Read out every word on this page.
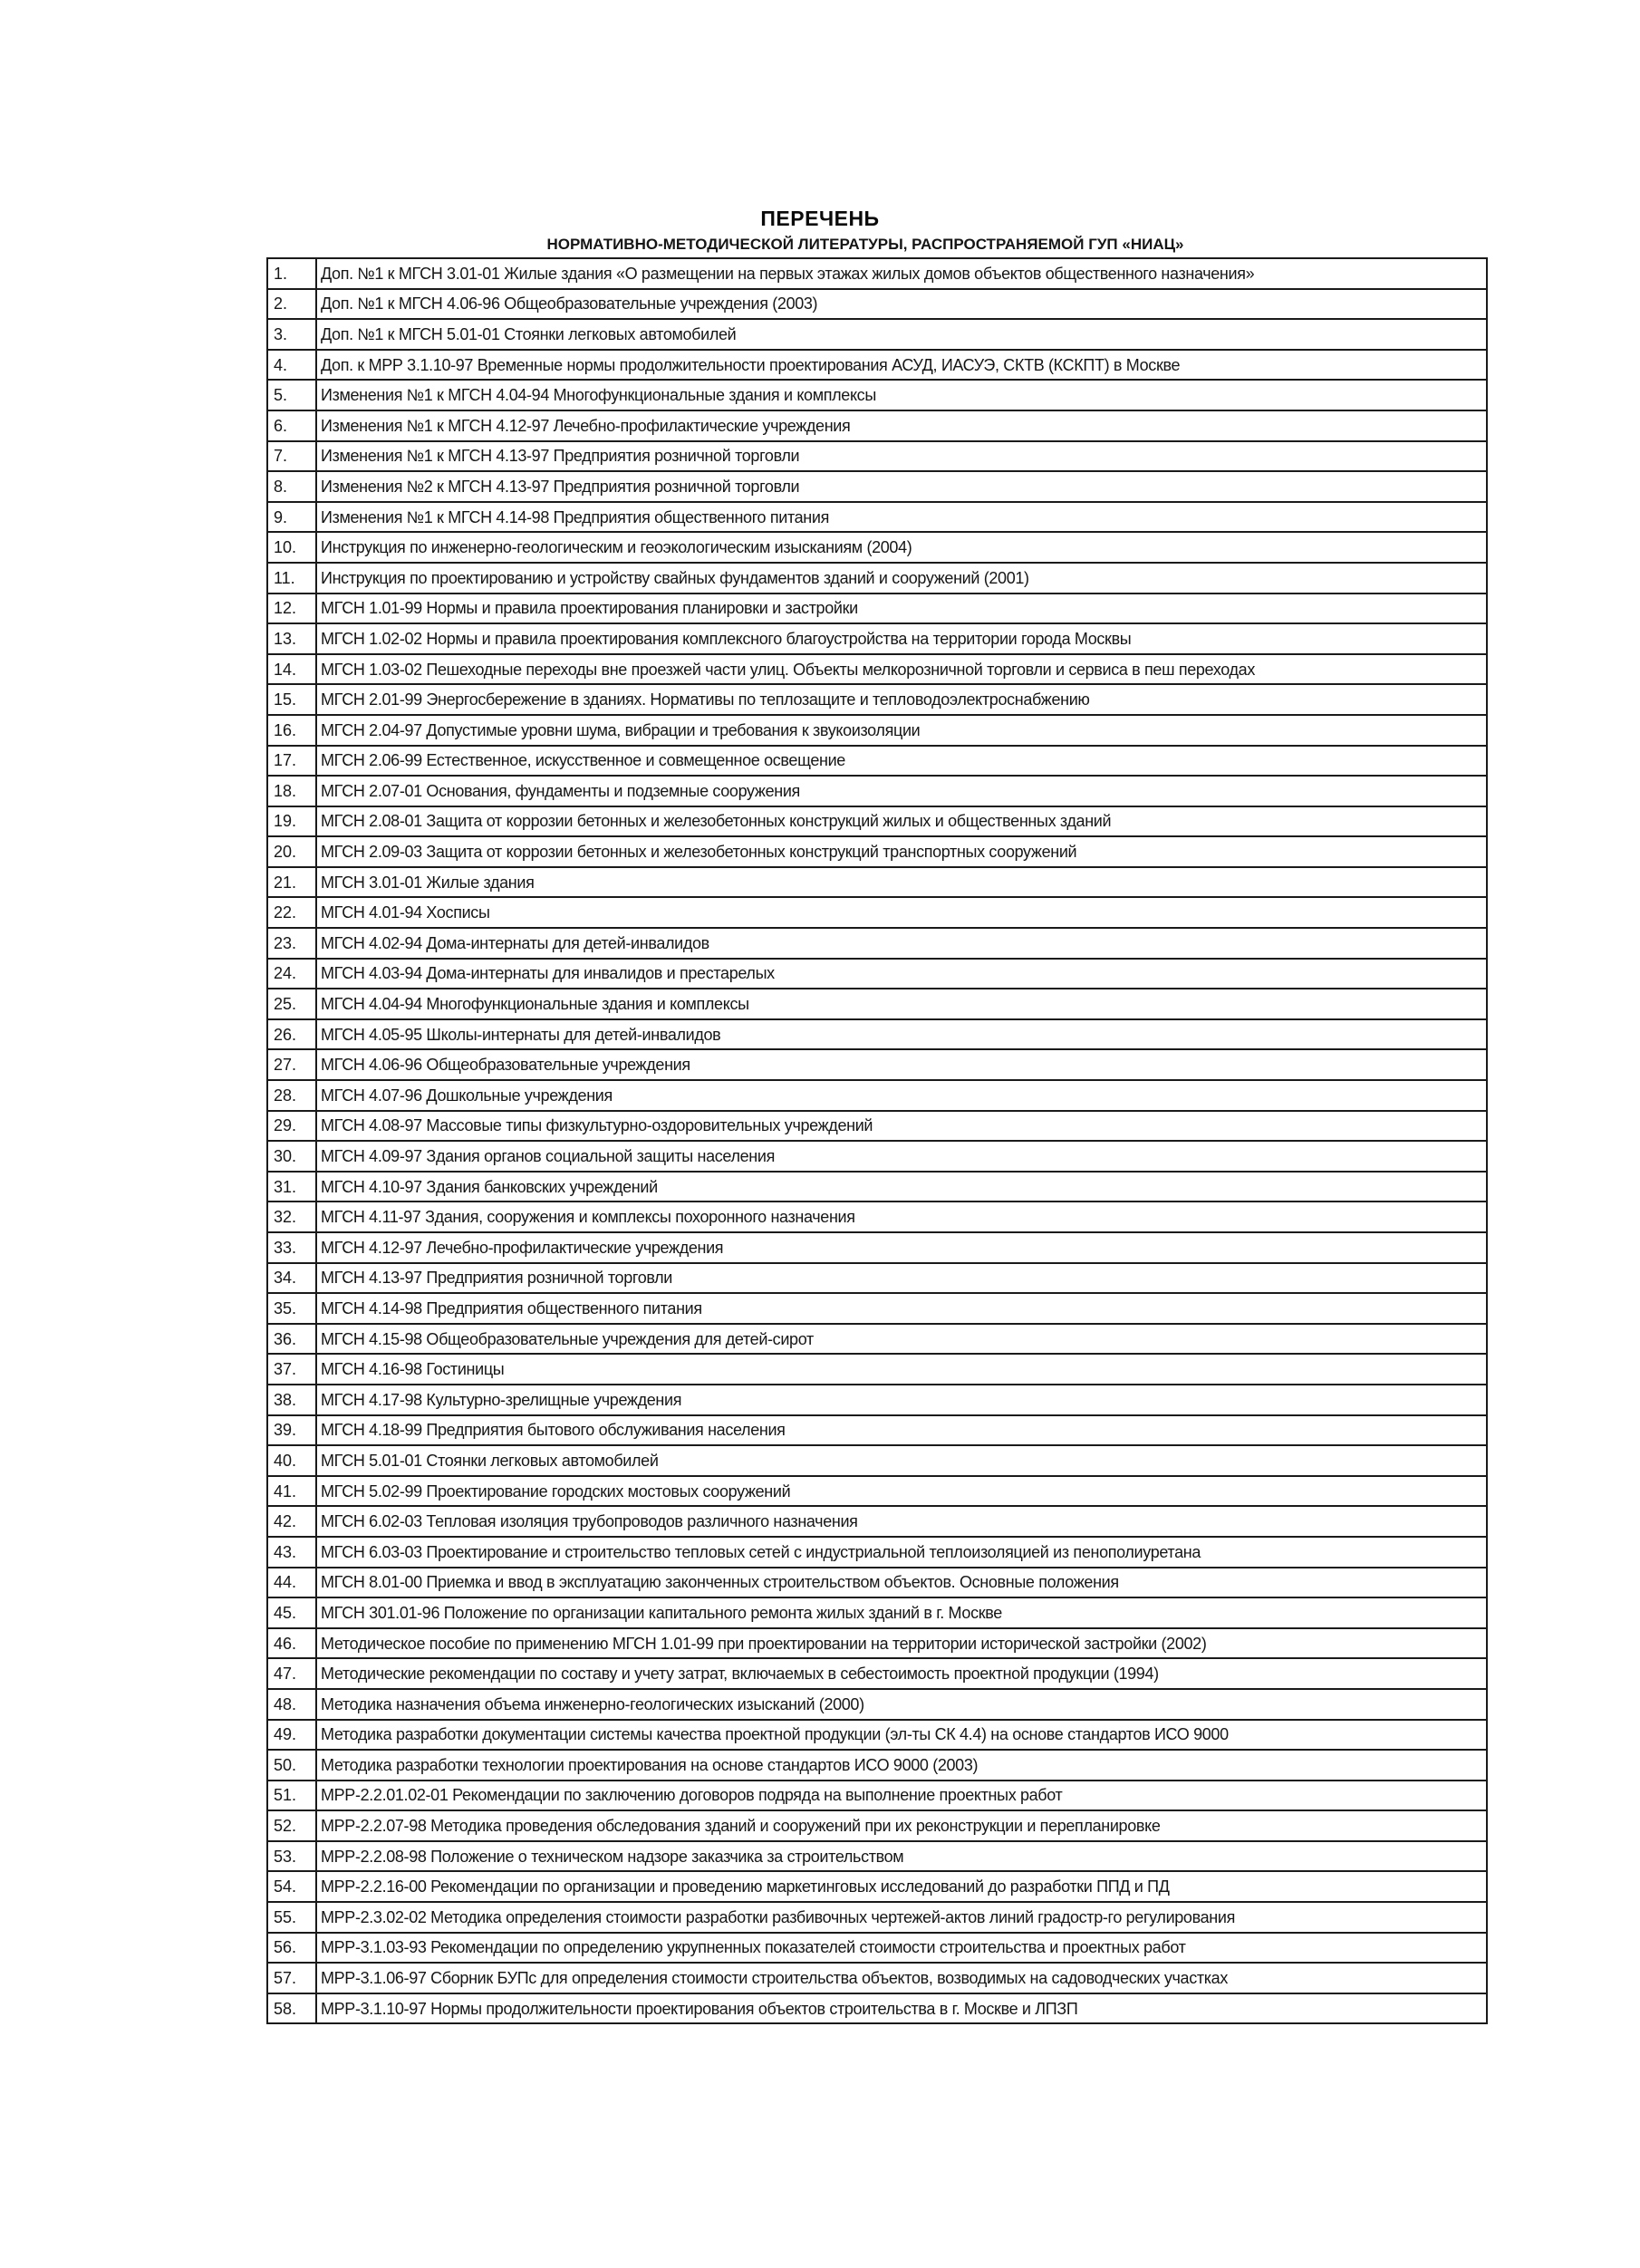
ПЕРЕЧЕНЬ
НОРМАТИВНО-МЕТОДИЧЕСКОЙ ЛИТЕРАТУРЫ, РАСПРОСТРАНЯЕМОЙ ГУП «НИАЦ»
1.	Доп. №1 к МГСН 3.01-01 Жилые здания «О размещении на первых этажах жилых домов объектов общественного назначения»
2.	Доп. №1 к МГСН 4.06-96 Общеобразовательные учреждения (2003)
3.	Доп. №1 к МГСН 5.01-01 Стоянки легковых автомобилей
4.	Доп. к МРР 3.1.10-97 Временные нормы продолжительности проектирования АСУД, ИАСУЭ, СКТВ (КСКПТ) в Москве
5.	Изменения №1 к МГСН 4.04-94 Многофункциональные здания и комплексы
6.	Изменения №1 к МГСН 4.12-97 Лечебно-профилактические учреждения
7.	Изменения №1 к МГСН 4.13-97 Предприятия розничной торговли
8.	Изменения №2 к МГСН 4.13-97 Предприятия розничной торговли
9.	Изменения №1 к МГСН 4.14-98 Предприятия общественного питания
10.	Инструкция по инженерно-геологическим и геоэкологическим изысканиям (2004)
11.	Инструкция по проектированию и устройству свайных фундаментов зданий и сооружений (2001)
12.	МГСН 1.01-99 Нормы и правила проектирования планировки и застройки
13.	МГСН 1.02-02 Нормы и правила проектирования комплексного благоустройства на территории города Москвы
14.	МГСН 1.03-02 Пешеходные переходы вне проезжей части улиц. Объекты мелкорозничной торговли и сервиса в пеш переходах
15.	МГСН 2.01-99 Энергосбережение в зданиях. Нормативы по теплозащите и тепловодоэлектроснабжению
16.	МГСН 2.04-97 Допустимые уровни шума, вибрации и требования к звукоизоляции
17.	МГСН 2.06-99 Естественное, искусственное и совмещенное освещение
18.	МГСН 2.07-01 Основания, фундаменты и подземные сооружения
19.	МГСН 2.08-01 Защита от коррозии бетонных и железобетонных конструкций жилых и общественных зданий
20.	МГСН 2.09-03 Защита от коррозии бетонных и железобетонных конструкций транспортных сооружений
21.	МГСН 3.01-01 Жилые здания
22.	МГСН 4.01-94 Хосписы
23.	МГСН 4.02-94 Дома-интернаты для детей-инвалидов
24.	МГСН 4.03-94 Дома-интернаты для инвалидов и престарелых
25.	МГСН 4.04-94 Многофункциональные здания и комплексы
26.	МГСН 4.05-95 Школы-интернаты для детей-инвалидов
27.	МГСН 4.06-96 Общеобразовательные учреждения
28.	МГСН 4.07-96 Дошкольные учреждения
29.	МГСН 4.08-97 Массовые типы физкультурно-оздоровительных учреждений
30.	МГСН 4.09-97 Здания органов социальной защиты населения
31.	МГСН 4.10-97 Здания банковских учреждений
32.	МГСН 4.11-97 Здания, сооружения и комплексы похоронного назначения
33.	МГСН 4.12-97 Лечебно-профилактические учреждения
34.	МГСН 4.13-97 Предприятия розничной торговли
35.	МГСН 4.14-98 Предприятия общественного питания
36.	МГСН 4.15-98 Общеобразовательные учреждения для детей-сирот
37.	МГСН 4.16-98 Гостиницы
38.	МГСН 4.17-98 Культурно-зрелищные учреждения
39.	МГСН 4.18-99 Предприятия бытового обслуживания населения
40.	МГСН 5.01-01 Стоянки легковых автомобилей
41.	МГСН 5.02-99 Проектирование городских мостовых сооружений
42.	МГСН 6.02-03 Тепловая изоляция трубопроводов различного назначения
43.	МГСН 6.03-03 Проектирование и строительство тепловых сетей с индустриальной теплоизоляцией из пенополиуретана
44.	МГСН 8.01-00 Приемка и ввод в эксплуатацию законченных строительством объектов. Основные положения
45.	МГСН 301.01-96 Положение по организации капитального ремонта жилых зданий в г. Москве
46.	Методическое пособие по применению МГСН 1.01-99 при проектировании на территории исторической застройки (2002)
47.	Методические рекомендации по составу и учету затрат, включаемых в себестоимость проектной продукции (1994)
48.	Методика назначения объема инженерно-геологических изысканий (2000)
49.	Методика разработки документации системы качества проектной продукции (эл-ты СК 4.4) на основе стандартов ИСО 9000
50.	Методика разработки технологии проектирования на основе стандартов ИСО 9000 (2003)
51.	МРР-2.2.01.02-01 Рекомендации по заключению договоров подряда на выполнение проектных работ
52.	МРР-2.2.07-98 Методика проведения обследования зданий и сооружений при их реконструкции и перепланировке
53.	МРР-2.2.08-98 Положение о техническом надзоре заказчика за строительством
54.	МРР-2.2.16-00 Рекомендации по организации и проведению маркетинговых исследований до разработки ППД и ПД
55.	МРР-2.3.02-02 Методика определения стоимости разработки разбивочных чертежей-актов линий градостр-го регулирования
56.	МРР-3.1.03-93 Рекомендации по определению укрупненных показателей стоимости строительства и проектных работ
57.	МРР-3.1.06-97 Сборник БУПс для определения стоимости строительства объектов, возводимых на садоводческих участках
58.	МРР-3.1.10-97 Нормы продолжительности проектирования объектов строительства в г. Москве и ЛПЗП
